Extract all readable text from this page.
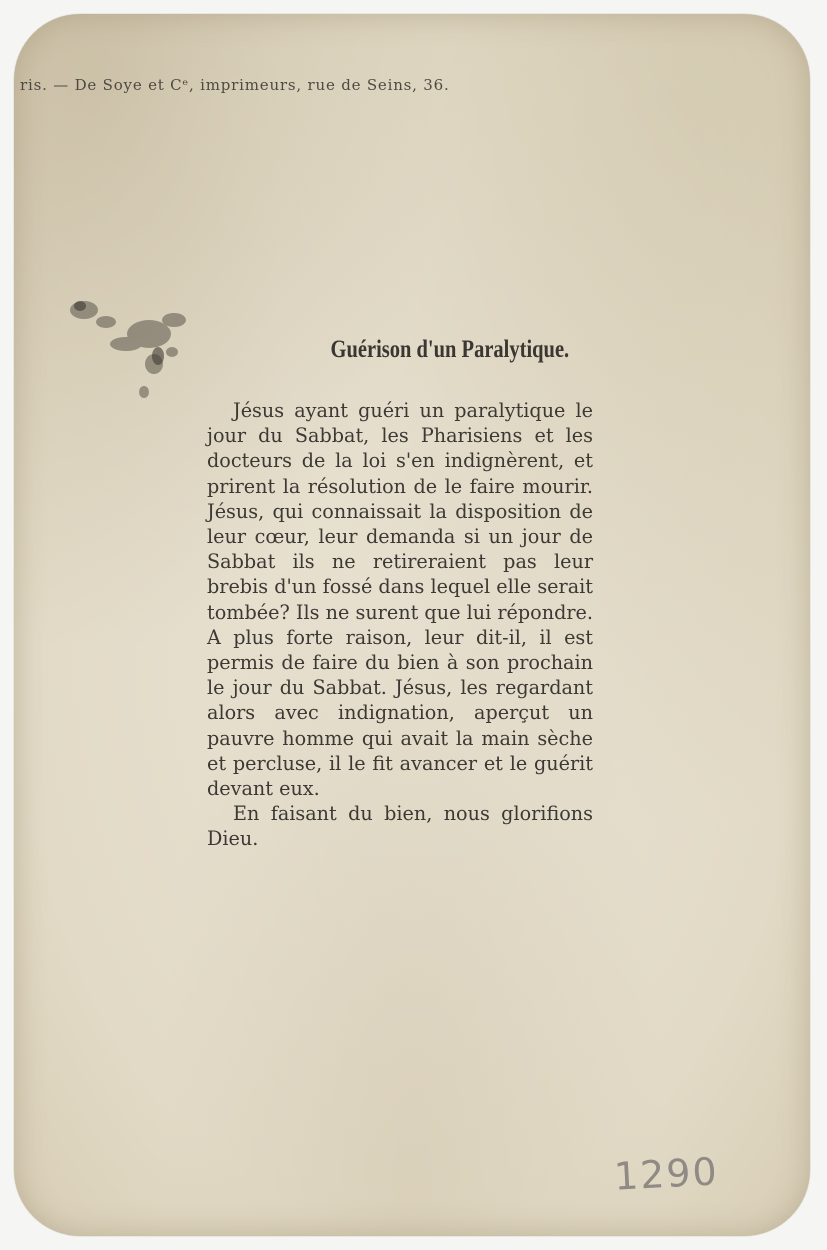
ris. — De Soye et Cᵉ, imprimeurs, rue de Seins, 36.
Guérison d'un Paralytique.

Jésus ayant guéri un paralytique le jour du Sabbat, les Pharisiens et les docteurs de la loi s'en indignèrent, et prirent la résolution de le faire mourir. Jésus, qui connaissait la disposition de leur cœur, leur demanda si un jour de Sabbat ils ne retireraient pas leur brebis d'un fossé dans lequel elle serait tombée? Ils ne surent que lui répondre. A plus forte raison, leur dit-il, il est permis de faire du bien à son prochain le jour du Sabbat. Jésus, les regardant alors avec indignation, aperçut un pauvre homme qui avait la main sèche et percluse, il le fit avancer et le guérit devant eux.

En faisant du bien, nous glorifions Dieu.

1290
